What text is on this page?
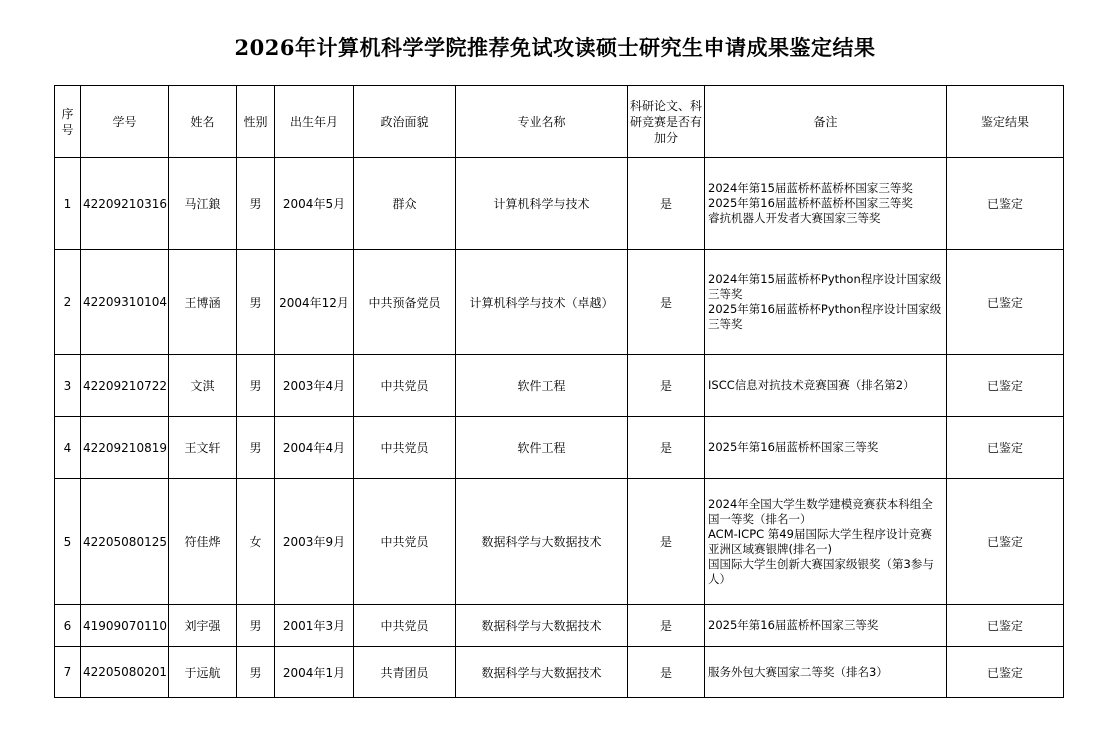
2026年计算机科学学院推荐免试攻读硕士研究生申请成果鉴定结果
序号	学号	姓名	性别	出生年月	政治面貌	专业名称	科研论文、科研竞赛是否有加分	备注	鉴定结果
1	42209210316	马江鋃	男	2004年5月	群众	计算机科学与技术	是	2024年第15届蓝桥杯蓝桥杯国家三等奖
2025年第16届蓝桥杯蓝桥杯国家三等奖
睿抗机器人开发者大赛国家三等奖	已鉴定
2	42209310104	王博涵	男	2004年12月	中共预备党员	计算机科学与技术（卓越）	是	2024年第15届蓝桥杯Python程序设计国家级三等奖
2025年第16届蓝桥杯Python程序设计国家级三等奖	已鉴定
3	42209210722	文淇	男	2003年4月	中共党员	软件工程	是	ISCC信息对抗技术竞赛国赛（排名第2）	已鉴定
4	42209210819	王文轩	男	2004年4月	中共党员	软件工程	是	2025年第16届蓝桥杯国家三等奖	已鉴定
5	42205080125	符佳烨	女	2003年9月	中共党员	数据科学与大数据技术	是	2024年全国大学生数学建模竞赛获本科组全国一等奖（排名一）
ACM-ICPC 第49届国际大学生程序设计竞赛亚洲区域赛银牌(排名一)
国国际大学生创新大赛国家级银奖（第3参与人）	已鉴定
6	41909070110	刘宇强	男	2001年3月	中共党员	数据科学与大数据技术	是	2025年第16届蓝桥杯国家三等奖	已鉴定
7	42205080201	于远航	男	2004年1月	共青团员	数据科学与大数据技术	是	服务外包大赛国家二等奖（排名3）	已鉴定
